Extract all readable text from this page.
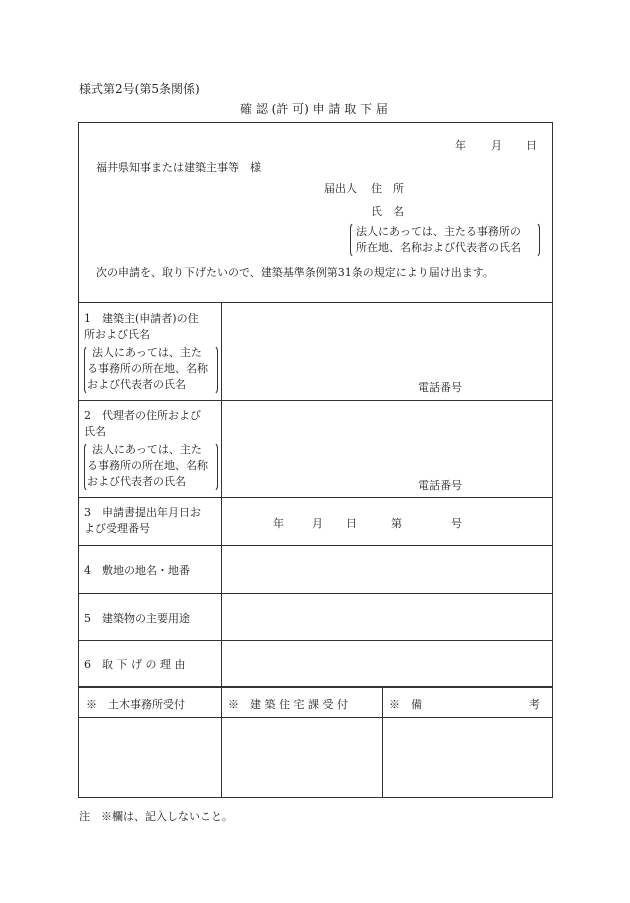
様式第2号(第5条関係)
確 認 (許 可) 申 請 取 下 届
年 月 日
福井県知事または建築主事等　様
届出人 住　所
氏　名
法人にあっては、主たる事務所の
所在地、名称および代表者の氏名
次の申請を、取り下げたいので、建築基準条例第31条の規定により届け出ます。
1　建築主(申請者)の住
所および氏名
法人にあっては、主た
る事務所の所在地、名称
および代表者の氏名	電話番号
2　代理者の住所および
氏名
法人にあっては、主た
る事務所の所在地、名称
および代表者の氏名	電話番号
3　申請書提出年月日お
よび受理番号	年	月 日	第	号
4　敷地の地名・地番
5　建築物の主要用途
6　取 下 げ の 理 由
※　土木事務所受付	※　建 築 住 宅 課 受 付	※　備	考
注　※欄は、記入しないこと。
